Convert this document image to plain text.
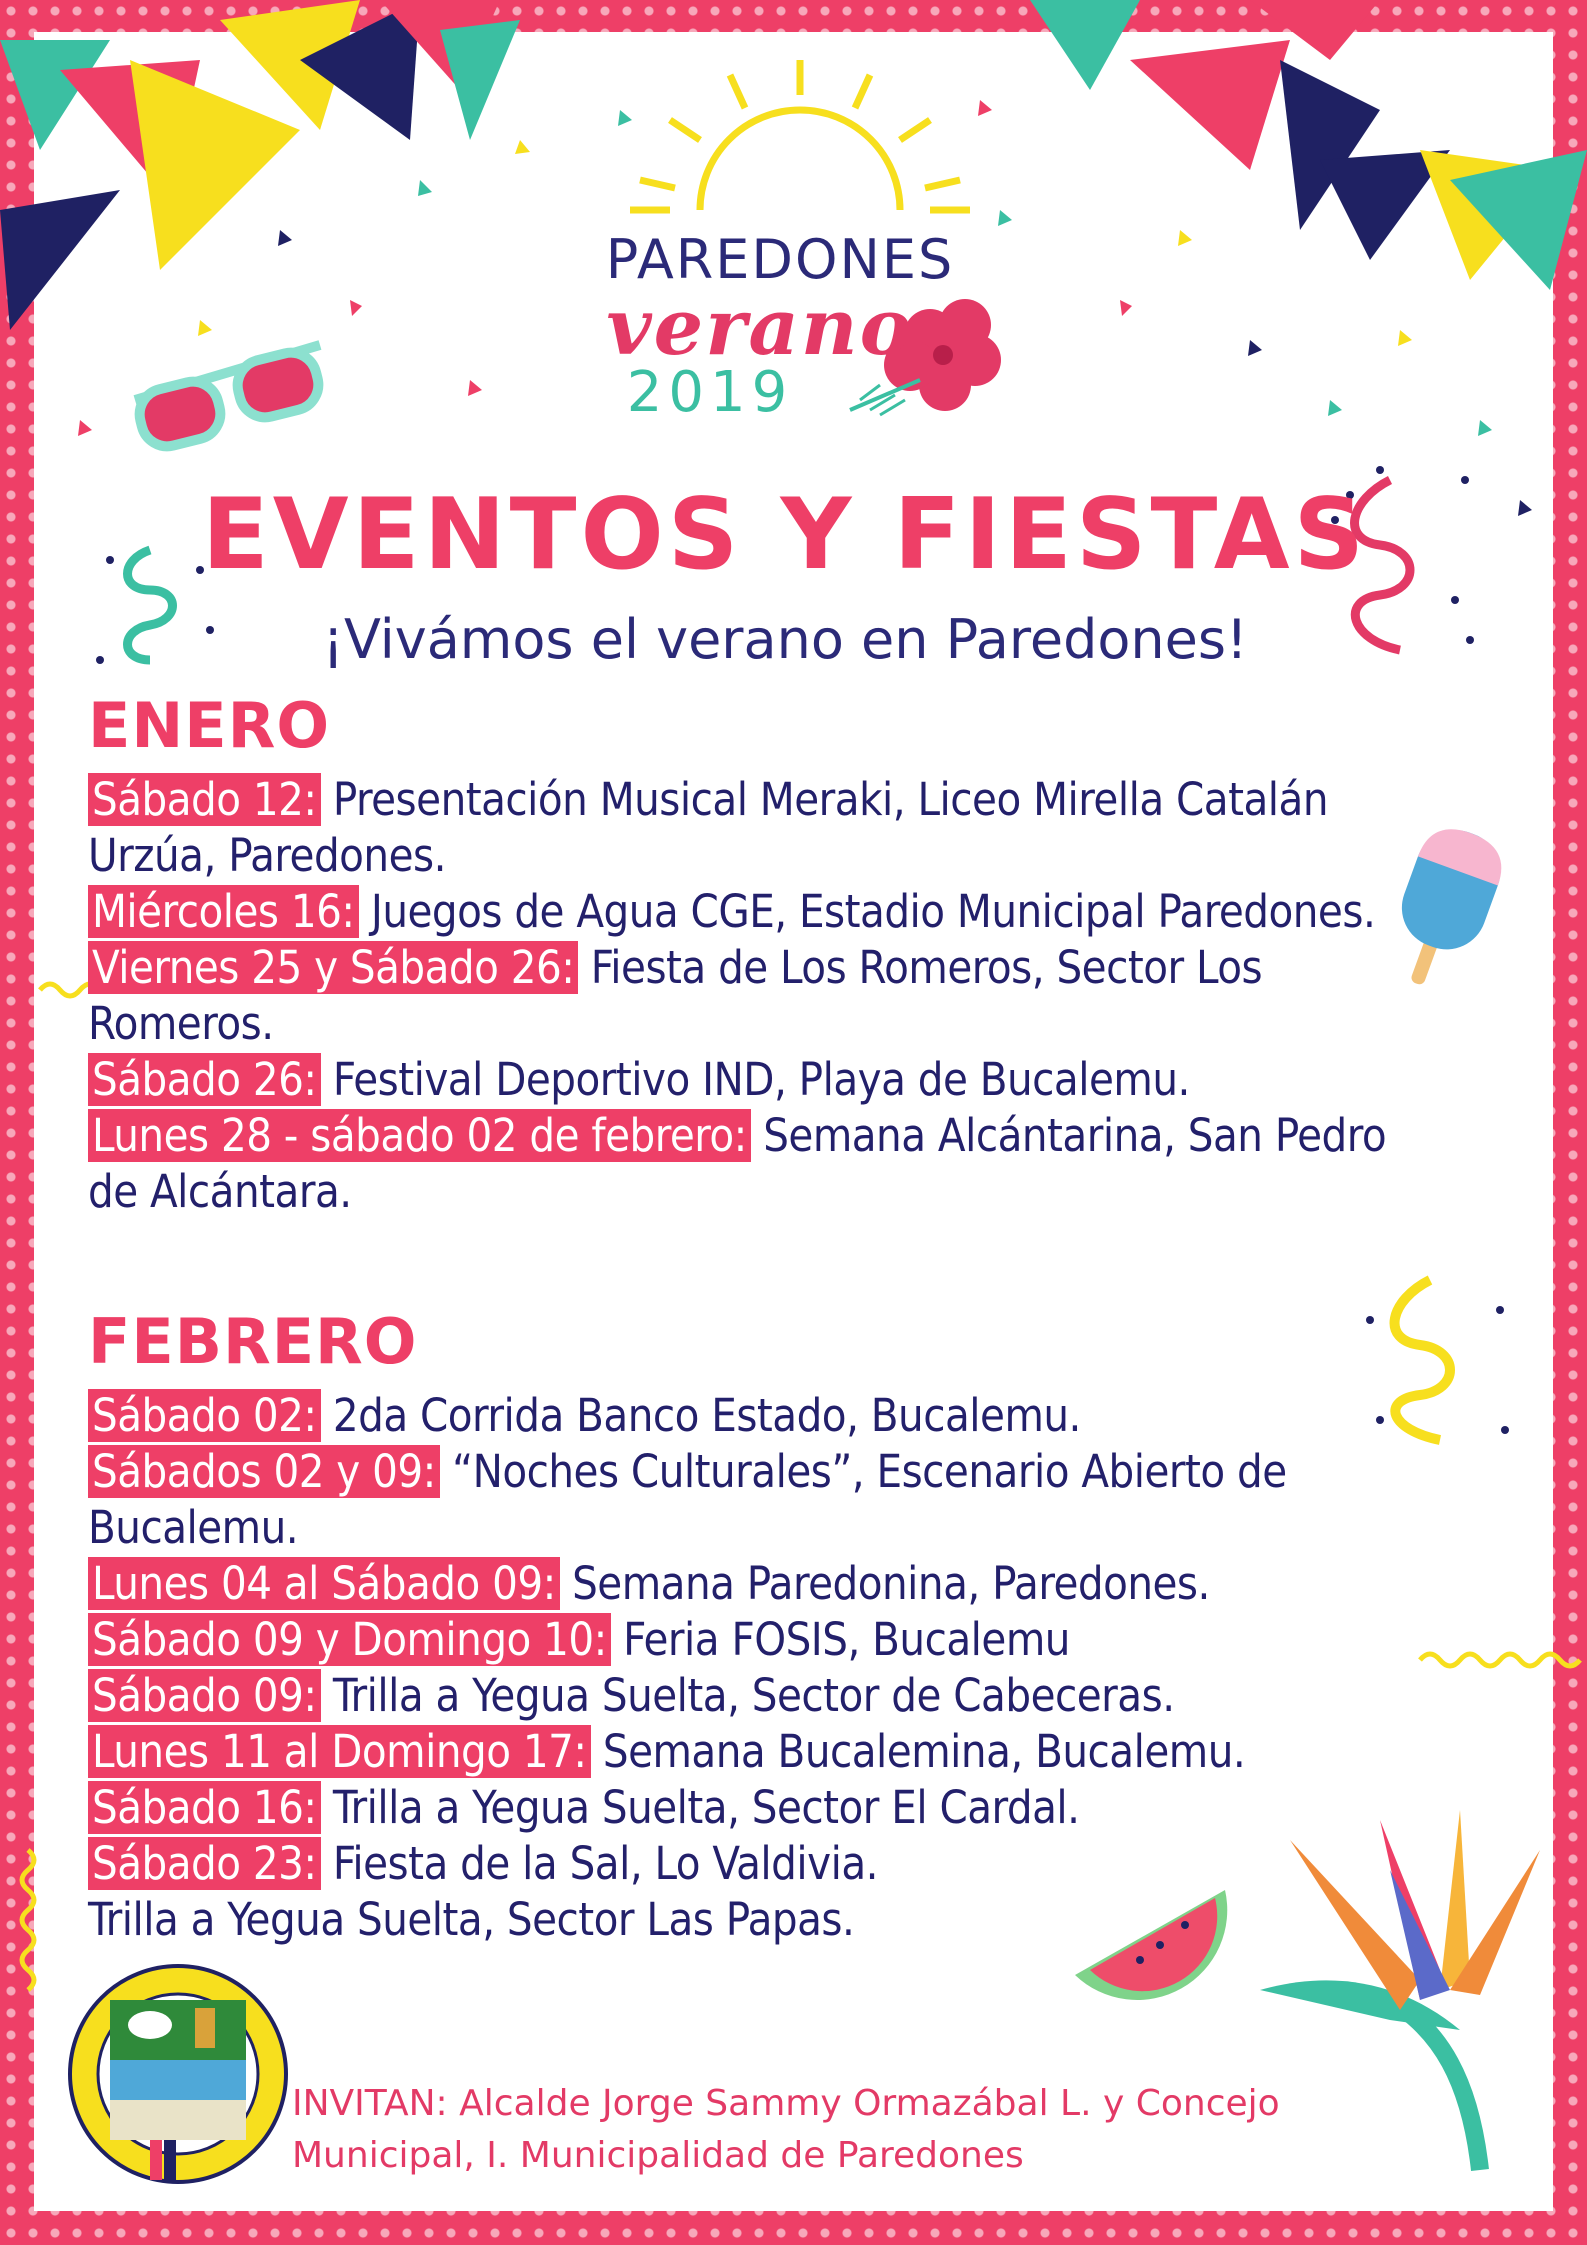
PAREDONES
verano
2019
EVENTOS Y FIESTAS
¡Vivámos el verano en Paredones!
ENERO

Sábado 12: Presentación Musical Meraki, Liceo Mirella Catalán Urzúa, Paredones.

Miércoles 16: Juegos de Agua CGE, Estadio Municipal Paredones.

Viernes 25 y Sábado 26: Fiesta de Los Romeros, Sector Los Romeros.

Sábado 26: Festival Deportivo IND, Playa de Bucalemu.

Lunes 28 - sábado 02 de febrero: Semana Alcántarina, San Pedro de Alcántara.

FEBRERO

Sábado 02: 2da Corrida Banco Estado, Bucalemu.

Sábados 02 y 09: “Noches Culturales”, Escenario Abierto de Bucalemu.

Lunes 04 al Sábado 09: Semana Paredonina, Paredones.

Sábado 09 y Domingo 10: Feria FOSIS, Bucalemu

Sábado 09: Trilla a Yegua Suelta, Sector de Cabeceras.

Lunes 11 al Domingo 17: Semana Bucalemina, Bucalemu.

Sábado 16: Trilla a Yegua Suelta, Sector El Cardal.

Sábado 23: Fiesta de la Sal, Lo Valdivia.

Trilla a Yegua Suelta, Sector Las Papas.

INVITAN: Alcalde Jorge Sammy Ormazábal L. y Concejo
Municipal, I. Municipalidad de Paredones
